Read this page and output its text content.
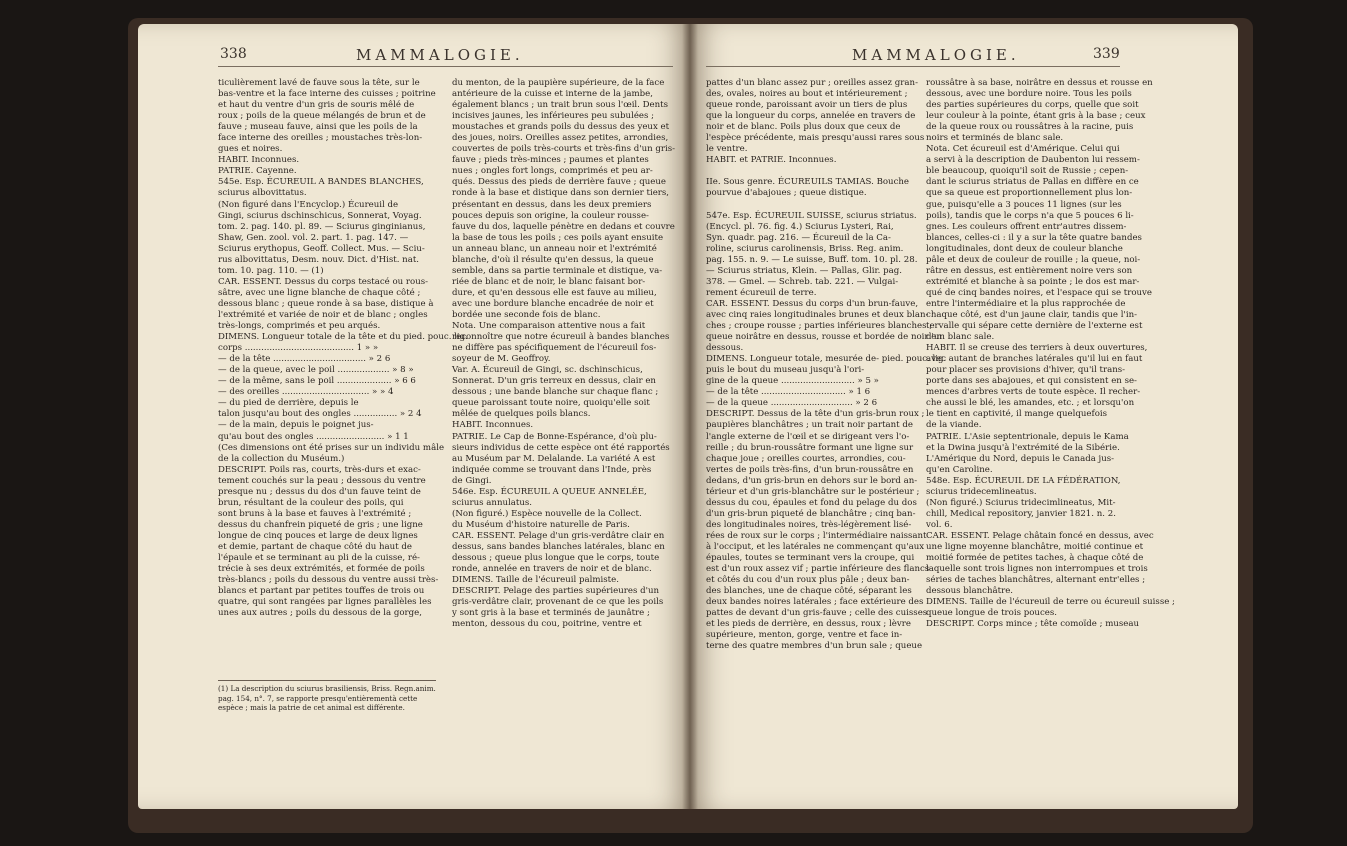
338	MAMMALOGIE.	MAMMALOGIE.	339
ticulièrement lavé de fauve sous la tête, sur le
bas-ventre et la face interne des cuisses ; poitrine
et haut du ventre d'un gris de souris mêlé de
roux ; poils de la queue mélangés de brun et de
fauve ; museau fauve, ainsi que les poils de la
face interne des oreilles ; moustaches très-lon-
gues et noires.
HABIT. Inconnues.
PATRIE. Cayenne.
545e. Esp. ÉCUREUIL A BANDES BLANCHES,
sciurus albovittatus.
(Non figuré dans l'Encyclop.) Écureuil de
Gingi, sciurus dschinschicus, Sonnerat, Voyag.
tom. 2. pag. 140. pl. 89. — Sciurus ginginianus,
Shaw, Gen. zool. vol. 2. part. 1. pag. 147. —
Sciurus erythopus, Geoff. Collect. Mus. — Sciu-
rus albovittatus, Desm. nouv. Dict. d'Hist. nat.
tom. 10. pag. 110. — (1)
CAR. ESSENT. Dessus du corps testacé ou rous-
sâtre, avec une ligne blanche de chaque côté ;
dessous blanc ; queue ronde à sa base, distique à
l'extrémité et variée de noir et de blanc ; ongles
très-longs, comprimés et peu arqués.
DIMENS. Longueur totale de la tête et du pied. pouc. lig.
corps ........................................ 1 » »
— de la tête .................................. » 2 6
— de la queue, avec le poil ................... » 8 »
— de la même, sans le poil .................... » 6 6
— des oreilles ................................ » » 4
— du pied de derrière, depuis le
talon jusqu'au bout des ongles ................ » 2 4
— de la main, depuis le poignet jus-
qu'au bout des ongles ......................... » 1 1
(Ces dimensions ont été prises sur un individu mâle
de la collection du Muséum.)
DESCRIPT. Poils ras, courts, très-durs et exac-
tement couchés sur la peau ; dessous du ventre
presque nu ; dessus du dos d'un fauve teint de
brun, résultant de la couleur des poils, qui
sont bruns à la base et fauves à l'extrémité ;
dessus du chanfrein piqueté de gris ; une ligne
longue de cinq pouces et large de deux lignes
et demie, partant de chaque côté du haut de
l'épaule et se terminant au pli de la cuisse, ré-
trécie à ses deux extrémités, et formée de poils
très-blancs ; poils du dessous du ventre aussi très-
blancs et partant par petites touffes de trois ou
quatre, qui sont rangées par lignes parallèles les
unes aux autres ; poils du dessous de la gorge,
(1) La description du sciurus brasiliensis, Briss. Regn.anim. pag. 154, n°. 7, se rapporte presqu'entièrementà cette espèce ; mais la patrie de cet animal est différente.
du menton, de la paupière supérieure, de la face
antérieure de la cuisse et interne de la jambe,
également blancs ; un trait brun sous l'œil. Dents
incisives jaunes, les inférieures peu subulées ;
moustaches et grands poils du dessus des yeux et
des joues, noirs. Oreilles assez petites, arrondies,
couvertes de poils très-courts et très-fins d'un gris-
fauve ; pieds très-minces ; paumes et plantes
nues ; ongles fort longs, comprimés et peu ar-
qués. Dessus des pieds de derrière fauve ; queue
ronde à la base et distique dans son dernier tiers,
présentant en dessus, dans les deux premiers
pouces depuis son origine, la couleur rousse-
fauve du dos, laquelle pénètre en dedans et couvre
la base de tous les poils ; ces poils ayant ensuite
un anneau blanc, un anneau noir et l'extrémité
blanche, d'où il résulte qu'en dessus, la queue
semble, dans sa partie terminale et distique, va-
riée de blanc et de noir, le blanc faisant bor-
dure, et qu'en dessous elle est fauve au milieu,
avec une bordure blanche encadrée de noir et
bordée une seconde fois de blanc.
Nota. Une comparaison attentive nous a fait
reconnoître que notre écureuil à bandes blanches
ne diffère pas spécifiquement de l'écureuil fos-
soyeur de M. Geoffroy.
Var. A. Écureuil de Gingi, sc. dschinschicus,
Sonnerat. D'un gris terreux en dessus, clair en
dessous ; une bande blanche sur chaque flanc ;
queue paroissant toute noire, quoiqu'elle soit
mêlée de quelques poils blancs.
HABIT. Inconnues.
PATRIE. Le Cap de Bonne-Espérance, d'où plu-
sieurs individus de cette espèce ont été rapportés
au Muséum par M. Delalande. La variété A est
indiquée comme se trouvant dans l'Inde, près
de Gingi.
546e. Esp. ÉCUREUIL A QUEUE ANNELÉE,
sciurus annulatus.
(Non figuré.) Espèce nouvelle de la Collect.
du Muséum d'histoire naturelle de Paris.
CAR. ESSENT. Pelage d'un gris-verdâtre clair en
dessus, sans bandes blanches latérales, blanc en
dessous ; queue plus longue que le corps, toute
ronde, annelée en travers de noir et de blanc.
DIMENS. Taille de l'écureuil palmiste.
DESCRIPT. Pelage des parties supérieures d'un
gris-verdâtre clair, provenant de ce que les poils
y sont gris à la base et terminés de jaunâtre ;
menton, dessous du cou, poitrine, ventre et
pattes d'un blanc assez pur ; oreilles assez gran-
des, ovales, noires au bout et intérieurement ;
queue ronde, paroissant avoir un tiers de plus
que la longueur du corps, annelée en travers de
noir et de blanc. Poils plus doux que ceux de
l'espèce précédente, mais presqu'aussi rares sous
le ventre.
HABIT. et PATRIE. Inconnues.

IIe. Sous genre. ÉCUREUILS TAMIAS. Bouche
pourvue d'abajoues ; queue distique.

547e. Esp. ÉCUREUIL SUISSE, sciurus striatus.
(Encycl. pl. 76. fig. 4.) Sciurus Lysteri, Rai,
Syn. quadr. pag. 216. — Écureuil de la Ca-
roline, sciurus carolinensis, Briss. Reg. anim.
pag. 155. n. 9. — Le suisse, Buff. tom. 10. pl. 28.
— Sciurus striatus, Klein. — Pallas, Glir. pag.
378. — Gmel. — Schreb. tab. 221. — Vulgai-
rement écureuil de terre.
CAR. ESSENT. Dessus du corps d'un brun-fauve,
avec cinq raies longitudinales brunes et deux blan-
ches ; croupe rousse ; parties inférieures blanches ;
queue noirâtre en dessus, rousse et bordée de noir en
dessous.
DIMENS. Longueur totale, mesurée de- pied. pouc. lig.
puis le bout du museau jusqu'à l'ori-
gine de la queue ........................... » 5 »
— de la tête ............................... » 1 6
— de la queue .............................. » 2 6
DESCRIPT. Dessus de la tête d'un gris-brun roux ;
paupières blanchâtres ; un trait noir partant de
l'angle externe de l'œil et se dirigeant vers l'o-
reille ; du brun-roussâtre formant une ligne sur
chaque joue ; oreilles courtes, arrondies, cou-
vertes de poils très-fins, d'un brun-roussâtre en
dedans, d'un gris-brun en dehors sur le bord an-
térieur et d'un gris-blanchâtre sur le postérieur ;
dessus du cou, épaules et fond du pelage du dos
d'un gris-brun piqueté de blanchâtre ; cinq ban-
des longitudinales noires, très-légèrement lisé-
rées de roux sur le corps ; l'intermédiaire naissant
à l'occiput, et les latérales ne commençant qu'aux
épaules, toutes se terminant vers la croupe, qui
est d'un roux assez vif ; partie inférieure des flancs
et côtés du cou d'un roux plus pâle ; deux ban-
des blanches, une de chaque côté, séparant les
deux bandes noires latérales ; face extérieure des
pattes de devant d'un gris-fauve ; celle des cuisses
et les pieds de derrière, en dessus, roux ; lèvre
supérieure, menton, gorge, ventre et face in-
terne des quatre membres d'un brun sale ; queue
roussâtre à sa base, noirâtre en dessus et rousse en
dessous, avec une bordure noire. Tous les poils
des parties supérieures du corps, quelle que soit
leur couleur à la pointe, étant gris à la base ; ceux
de la queue roux ou roussâtres à la racine, puis
noirs et terminés de blanc sale.
Nota. Cet écureuil est d'Amérique. Celui qui
a servi à la description de Daubenton lui ressem-
ble beaucoup, quoiqu'il soit de Russie ; cepen-
dant le sciurus striatus de Pallas en diffère en ce
que sa queue est proportionnellement plus lon-
gue, puisqu'elle a 3 pouces 11 lignes (sur les
poils), tandis que le corps n'a que 5 pouces 6 li-
gnes. Les couleurs offrent entr'autres dissem-
blances, celles-ci : il y a sur la tête quatre bandes
longitudinales, dont deux de couleur blanche
pâle et deux de couleur de rouille ; la queue, noi-
râtre en dessus, est entièrement noire vers son
extrémité et blanche à sa pointe ; le dos est mar-
qué de cinq bandes noires, et l'espace qui se trouve
entre l'intermédiaire et la plus rapprochée de
chaque côté, est d'un jaune clair, tandis que l'in-
tervalle qui sépare cette dernière de l'externe est
d'un blanc sale.
HABIT. Il se creuse des terriers à deux ouvertures,
avec autant de branches latérales qu'il lui en faut
pour placer ses provisions d'hiver, qu'il trans-
porte dans ses abajoues, et qui consistent en se-
mences d'arbres verts de toute espèce. Il recher-
che aussi le blé, les amandes, etc. ; et lorsqu'on
le tient en captivité, il mange quelquefois
de la viande.
PATRIE. L'Asie septentrionale, depuis le Kama
et la Dwina jusqu'à l'extrémité de la Sibérie.
L'Amérique du Nord, depuis le Canada jus-
qu'en Caroline.
548e. Esp. ÉCUREUIL DE LA FÉDÉRATION,
sciurus tridecemlineatus.
(Non figuré.) Sciurus tridecimlineatus, Mit-
chill, Medical repository, janvier 1821. n. 2.
vol. 6.
CAR. ESSENT. Pelage châtain foncé en dessus, avec
une ligne moyenne blanchâtre, moitié continue et
moitié formée de petites taches, à chaque côté de
laquelle sont trois lignes non interrompues et trois
séries de taches blanchâtres, alternant entr'elles ;
dessous blanchâtre.
DIMENS. Taille de l'écureuil de terre ou écureuil suisse ;
queue longue de trois pouces.
DESCRIPT. Corps mince ; tête comoïde ; museau
